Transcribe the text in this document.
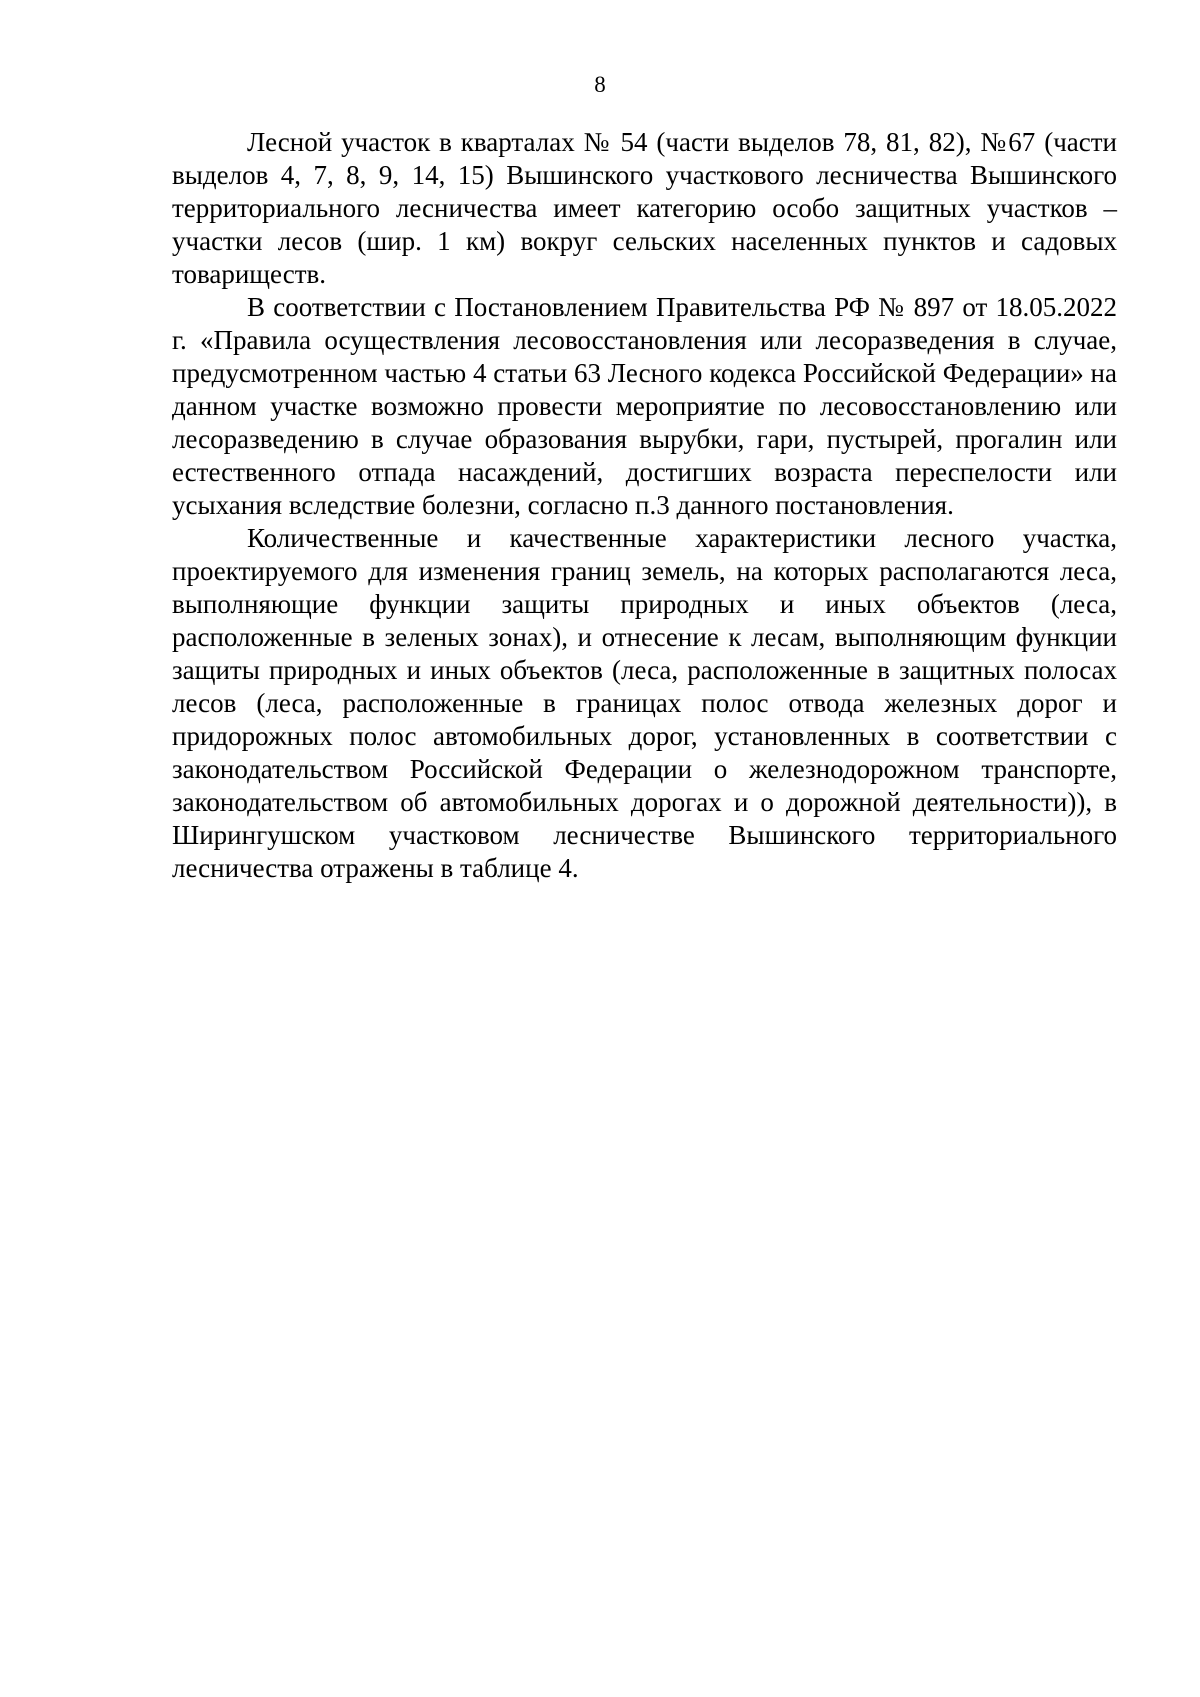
8

Лесной участок в кварталах № 54 (части выделов 78, 81, 82), №67 (части выделов 4, 7, 8, 9, 14, 15) Вышинского участкового лесничества Вышинского территориального лесничества имеет категорию особо защитных участков – участки лесов (шир. 1 км) вокруг сельских населенных пунктов и садовых товариществ.

В соответствии с Постановлением Правительства РФ № 897 от 18.05.2022 г. «Правила осуществления лесовосстановления или лесоразведения в случае, предусмотренном частью 4 статьи 63 Лесного кодекса Российской Федерации» на данном участке возможно провести мероприятие по лесовосстановлению или лесоразведению в случае образования вырубки, гари, пустырей, прогалин или естественного отпада насаждений, достигших возраста переспелости или усыхания вследствие болезни, согласно п.3 данного постановления.

Количественные и качественные характеристики лесного участка, проектируемого для изменения границ земель, на которых располагаются леса, выполняющие функции защиты природных и иных объектов (леса, расположенные в зеленых зонах), и отнесение к лесам, выполняющим функции защиты природных и иных объектов (леса, расположенные в защитных полосах лесов (леса, расположенные в границах полос отвода железных дорог и придорожных полос автомобильных дорог, установленных в соответствии с законодательством Российской Федерации о железнодорожном транспорте, законодательством об автомобильных дорогах и о дорожной деятельности)), в Ширингушском участковом лесничестве Вышинского территориального лесничества отражены в таблице 4.
